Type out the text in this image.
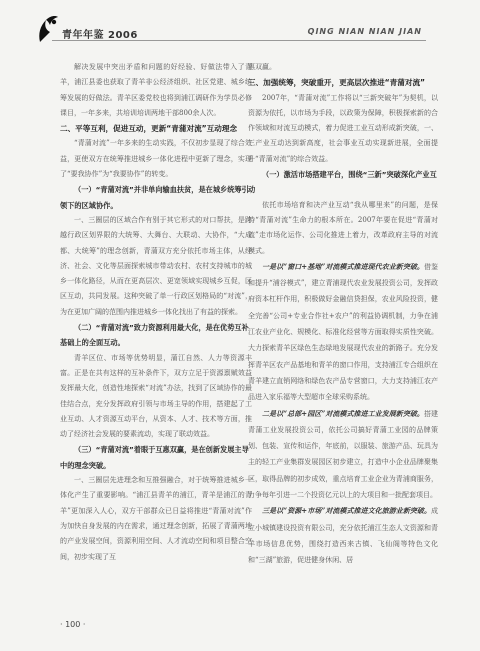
青年年鉴 2006	QING NIAN NIAN JIAN

解决发展中突出矛盾和问题的好经验、好做法带入了青羊，浦江县委也获取了青羊非公经济组织、社区党建、城乡统筹发展的好做法。青羊区委党校也将到浦江调研作为学员必修课目，一年多来，共培训培训两地干部800余人次。

二、平等互利，促进互动，更新“青蒲对流”互动理念

“青蒲对流”一年多来的生动实践，不仅初步显现了综合效益，更使双方在统筹推进城乡一体化进程中更新了理念，实现了“要我协作”为“我要协作”的转变。

（一）“青蒲对流”并非单向输血扶贫，是在城乡统筹引领下的区域协作。

一、三圈层的区域合作有别于其它形式的对口帮扶，是跨越行政区划界限的大统筹、大舞台、大联动、大协作，“大成都、大统筹”的理念创新，青蒲双方充分依托市场主体，从经济、社会、文化等层面探索城市带动农村、农村支持城市的城乡一体化路径，从而在更高层次、更宽领域实现城乡互促，区区互动，共同发展。这种突破了单一行政区划格局的“对流”，为在更加广阔的范围内推进城乡一体化找出了有益的探索。

（二）“青蒲对流”致力资源利用最大化，是在优势互补基础上的全面互动。

青羊区位、市场等优势明显，蒲江自然、人力等资源丰富。正是在共有这样的互补条件下，双方立足于资源禀赋效益发挥最大化，创造性地探索“对流”办法，找到了区域协作的最佳结合点，充分发挥政府引领与市场主导的作用，搭建起了工业互动、人才资源互动平台，从资本、人才、技术等方面，推动了经济社会发展的要素流动，实现了联动效益。

（三）“青蒲对流”着眼于互惠双赢，是在创新发展主导中的理念突破。

一、三圈层先进理念和互推强融合，对于统筹推进城乡一体化产生了重要影响。“浦江县青羊的浦江，青羊是浦江的青羊”更加深入人心，双方干部群众已日益将推进“青蒲对流”作为加快自身发展的内在需求，通过理念创新，拓展了青蒲两地的产业发展空间，资源利用空间、人才流动空间和项目整合空间，初步实现了互

惠双赢。

三、加强统筹，突破重开，更高层次推进“青蒲对流”

2007年，“青蒲对流”工作将以“三新突破年”为契机，以资源为依托，以市场为手段，以政策为保障，积极探索新的合作领域和对流互动模式，着力促进工业互动形成新突破，一、三产业互动达到新高度，社会事业互动实现新进展，全面提升“青蒲对流”的综合效益。

（一）激活市场搭建平台，围绕“三新”突破深化产业互动

依托市场培育和决产业互动“我从哪里来”的问题，是保持“青蒲对流”生命力的根本所在。2007年要在促进“青蒲对流”走市场化运作、公司化推进上着力，改革政府主导的对流模式。

一是以“窗口+基地”对流模式推进现代农业新突破。借鉴和提升“浦谷模式”，建立青浦现代农业发展投资公司，发挥政府资本杠杆作用，积极做好金融信贷担保，农业风险投资，健全完善“公司+专业合作社+农户”的利益协调机制，力争在浦江农业产业化、规模化、标准化经营等方面取得实质性突破。大力探索青羊区绿色生态绿地发展现代农业的新路子。充分发挥青羊区农产品基地和青羊的窗口作用，支持浦江专合组织在青羊建立直销网络和绿色农产品专营窗口，大力支持浦江农产品进入家乐福等大型超市全球采购系统。

二是以“总部+园区”对流模式推进工业发展新突破。搭建青蒲工业发展投资公司，依托公司搞好青蒲工业园的品牌策划、包装、宣传和运作，年底前，以服装、旅游产品、玩具为主的轻工产业集群发展园区初步建立，打造中小企业品牌聚集区，取得品牌的初步成效，重点培育工业企业为青浦商服务，力争每年引进一二个投资亿元以上的大项目和一批配套项目。

三是以“资源+市场”对流模式推进文化旅游业新突破。成立小城镇建设投资有限公司，充分依托浦江生态人文资源和青羊市场信息优势，围绕打造西来古镇、飞仙阁等特色文化和“三湖”旅游，促进健身休闲、居

· 100 ·
